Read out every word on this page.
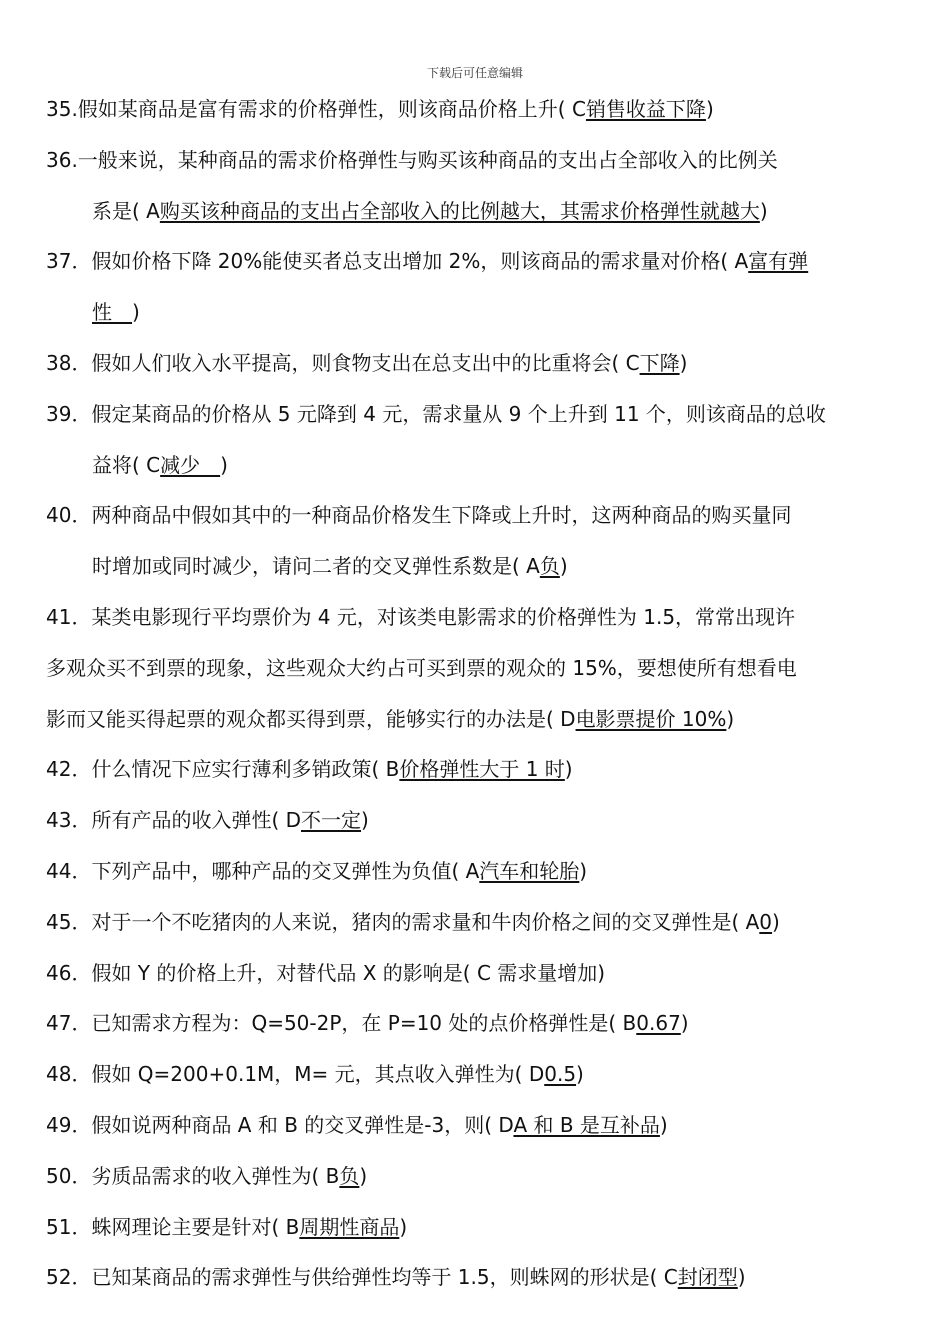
下载后可任意编辑
35.假如某商品是富有需求的价格弹性，则该商品价格上升( C销售收益下降)
36.一般来说，某种商品的需求价格弹性与购买该种商品的支出占全部收入的比例关
系是( A购买该种商品的支出占全部收入的比例越大，其需求价格弹性就越大)
37．假如价格下降 20%能使买者总支出增加 2%，则该商品的需求量对价格( A富有弹
性　)
38．假如人们收入水平提高，则食物支出在总支出中的比重将会( C下降)
39．假定某商品的价格从 5 元降到 4 元，需求量从 9 个上升到 11 个，则该商品的总收
益将( C减少　)
40．两种商品中假如其中的一种商品价格发生下降或上升时，这两种商品的购买量同
时增加或同时减少，请问二者的交叉弹性系数是( A负)
41．某类电影现行平均票价为 4 元，对该类电影需求的价格弹性为 1.5，常常出现许
多观众买不到票的现象，这些观众大约占可买到票的观众的 15%，要想使所有想看电
影而又能买得起票的观众都买得到票，能够实行的办法是( D电影票提价 10%)
42．什么情况下应实行薄利多销政策( B价格弹性大于 1 时)
43．所有产品的收入弹性( D不一定)
44．下列产品中，哪种产品的交叉弹性为负值( A汽车和轮胎)
45．对于一个不吃猪肉的人来说，猪肉的需求量和牛肉价格之间的交叉弹性是( A0)
46．假如 Y 的价格上升，对替代品 X 的影响是( C 需求量增加)
47．已知需求方程为：Q=50-2P，在 P=10 处的点价格弹性是( B0.67)
48．假如 Q=200+0.1M，M= 元，其点收入弹性为( D0.5)
49．假如说两种商品 A 和 B 的交叉弹性是-3，则( DA 和 B 是互补品)
50．劣质品需求的收入弹性为( B负)
51．蛛网理论主要是针对( B周期性商品)
52．已知某商品的需求弹性与供给弹性均等于 1.5，则蛛网的形状是( C封闭型)
